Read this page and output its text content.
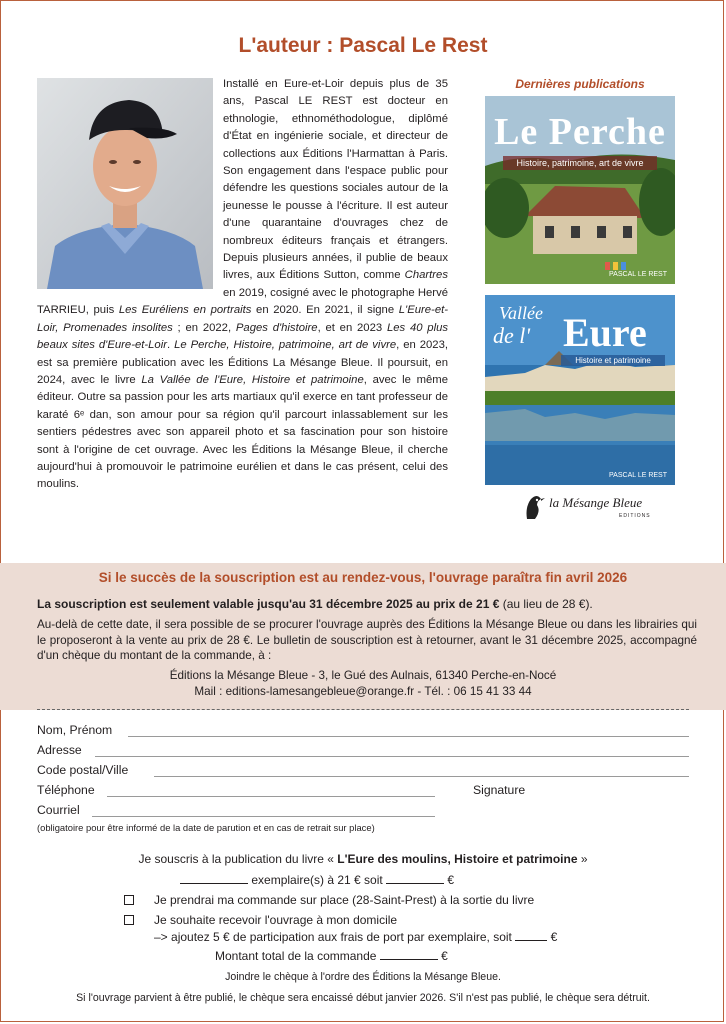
L'auteur : Pascal Le Rest
Installé en Eure-et-Loir depuis plus de 35 ans, Pascal LE REST est docteur en ethnologie, ethnométhodologue, diplômé d'État en ingénierie sociale, et directeur de collections aux Éditions l'Harmattan à Paris. Son engagement dans l'espace public pour défendre les questions sociales autour de la jeunesse le pousse à l'écriture. Il est auteur d'une quarantaine d'ouvrages chez de nombreux éditeurs français et étrangers. Depuis plusieurs années, il publie de beaux livres, aux Éditions Sutton, comme Chartres en 2019, cosigné avec le photographe Hervé TARRIEU, puis Les Euréliens en portraits en 2020. En 2021, il signe L'Eure-et-Loir, Promenades insolites ; en 2022, Pages d'histoire, et en 2023 Les 40 plus beaux sites d'Eure-et-Loir. Le Perche, Histoire, patrimoine, art de vivre, en 2023, est sa première publication avec les Éditions La Mésange Bleue. Il poursuit, en 2024, avec le livre La Vallée de l'Eure, Histoire et patrimoine, avec le même éditeur. Outre sa passion pour les arts martiaux qu'il exerce en tant professeur de karaté 6ᵉ dan, son amour pour sa région qu'il parcourt inlassablement sur les sentiers pédestres avec son appareil photo et sa fascination pour son histoire sont à l'origine de cet ouvrage. Avec les Éditions la Mésange Bleue, il cherche aujourd'hui à promouvoir le patrimoine eurélien et dans le cas présent, celui des moulins.
Dernières publications
Le Perche
Histoire, patrimoine, art de vivre
PASCAL LE REST
Vallée
de l' Eure
Histoire et patrimoine
PASCAL LE REST
la Mésange Bleue
EDITIONS
Si le succès de la souscription est au rendez-vous, l'ouvrage paraîtra fin avril 2026
La souscription est seulement valable jusqu'au 31 décembre 2025 au prix de 21 € (au lieu de 28 €).
Au-delà de cette date, il sera possible de se procurer l'ouvrage auprès des Éditions la Mésange Bleue ou dans les librairies qui le proposeront à la vente au prix de 28 €. Le bulletin de souscription est à retourner, avant le 31 décembre 2025, accompagné d'un chèque du montant de la commande, à :
Éditions la Mésange Bleue - 3, le Gué des Aulnais, 61340 Perche-en-Nocé
Mail : editions-lamesangebleue@orange.fr - Tél. : 06 15 41 33 44
Nom, Prénom
Adresse
Code postal/Ville
Téléphone	Signature
Courriel
(obligatoire pour être informé de la date de parution et en cas de retrait sur place)
Je souscris à la publication du livre « L'Eure des moulins, Histoire et patrimoine »
exemplaire(s) à 21 € soit	€
Je prendrai ma commande sur place (28-Saint-Prest) à la sortie du livre
Je souhaite recevoir l'ouvrage à mon domicile
–> ajoutez 5 € de participation aux frais de port par exemplaire, soit	€
Montant total de la commande	€
Joindre le chèque à l'ordre des Éditions la Mésange Bleue.
Si l'ouvrage parvient à être publié, le chèque sera encaissé début janvier 2026. S'il n'est pas publié, le chèque sera détruit.
